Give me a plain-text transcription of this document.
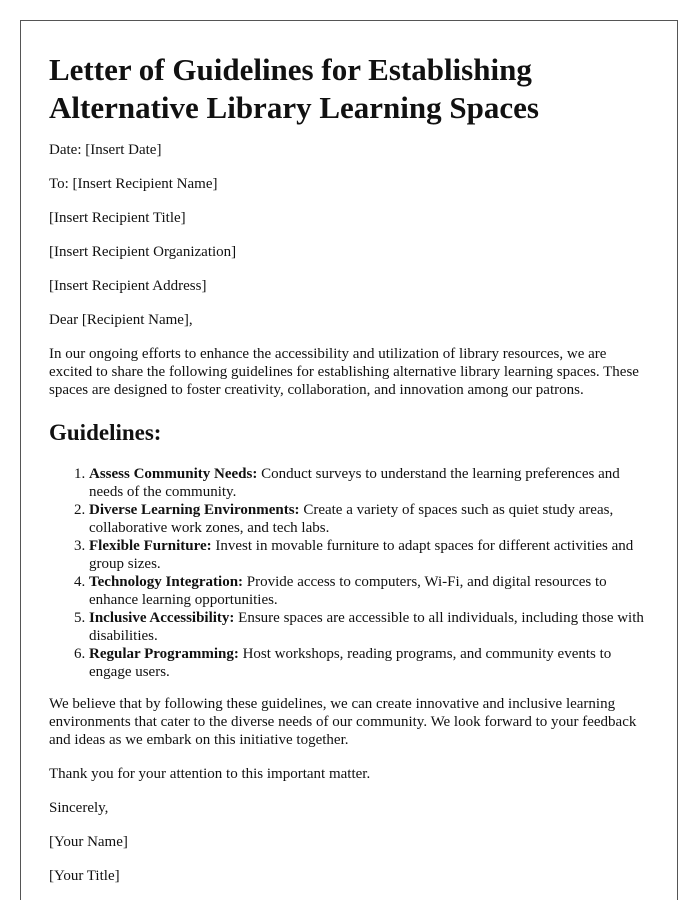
Letter of Guidelines for Establishing Alternative Library Learning Spaces

Date: [Insert Date]

To: [Insert Recipient Name]

[Insert Recipient Title]

[Insert Recipient Organization]

[Insert Recipient Address]

Dear [Recipient Name],

In our ongoing efforts to enhance the accessibility and utilization of library resources, we are excited to share the following guidelines for establishing alternative library learning spaces. These spaces are designed to foster creativity, collaboration, and innovation among our patrons.

Guidelines:
1. Assess Community Needs: Conduct surveys to understand the learning preferences and needs of the community.
2. Diverse Learning Environments: Create a variety of spaces such as quiet study areas, collaborative work zones, and tech labs.
3. Flexible Furniture: Invest in movable furniture to adapt spaces for different activities and group sizes.
4. Technology Integration: Provide access to computers, Wi-Fi, and digital resources to enhance learning opportunities.
5. Inclusive Accessibility: Ensure spaces are accessible to all individuals, including those with disabilities.
6. Regular Programming: Host workshops, reading programs, and community events to engage users.

We believe that by following these guidelines, we can create innovative and inclusive learning environments that cater to the diverse needs of our community. We look forward to your feedback and ideas as we embark on this initiative together.

Thank you for your attention to this important matter.

Sincerely,

[Your Name]

[Your Title]
